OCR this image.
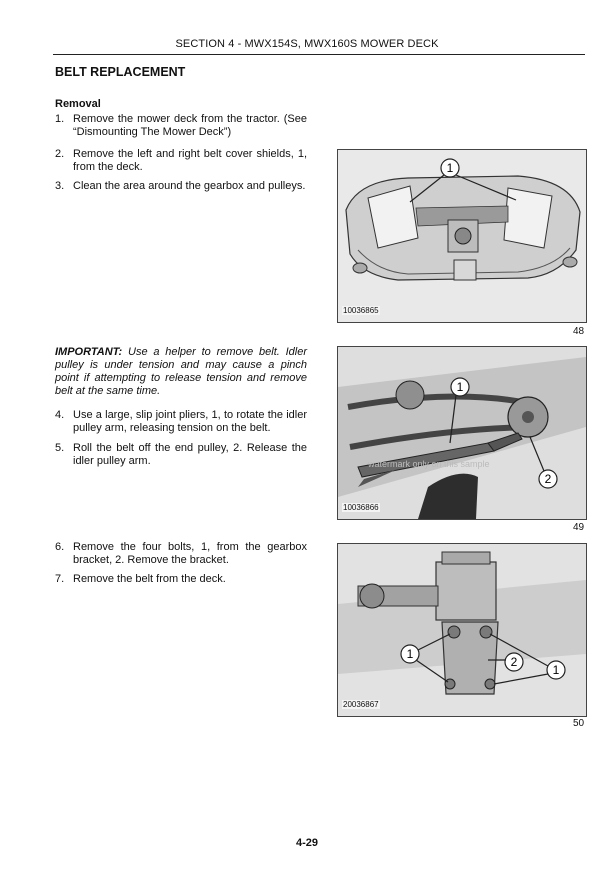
SECTION 4 - MWX154S, MWX160S MOWER DECK
BELT REPLACEMENT
Removal
1. Remove the mower deck from the tractor. (See “Dismounting The Mower Deck”)
2. Remove the left and right belt cover shields, 1, from the deck.
3. Clean the area around the gearbox and pulleys.
IMPORTANT: Use a helper to remove belt. Idler pulley is under tension and may cause a pinch point if attempting to release tension and remove belt at the same time.
4. Use a large, slip joint pliers, 1, to rotate the idler pulley arm, releasing tension on the belt.
5. Roll the belt off the end pulley, 2. Release the idler pulley arm.
6. Remove the four bolts, 1, from the gearbox bracket, 2. Remove the bracket.
7. Remove the belt from the deck.
1
10036865
48
watermark only on this sample
1
2
10036866
49
1
2
1
20036867
50
4-29
